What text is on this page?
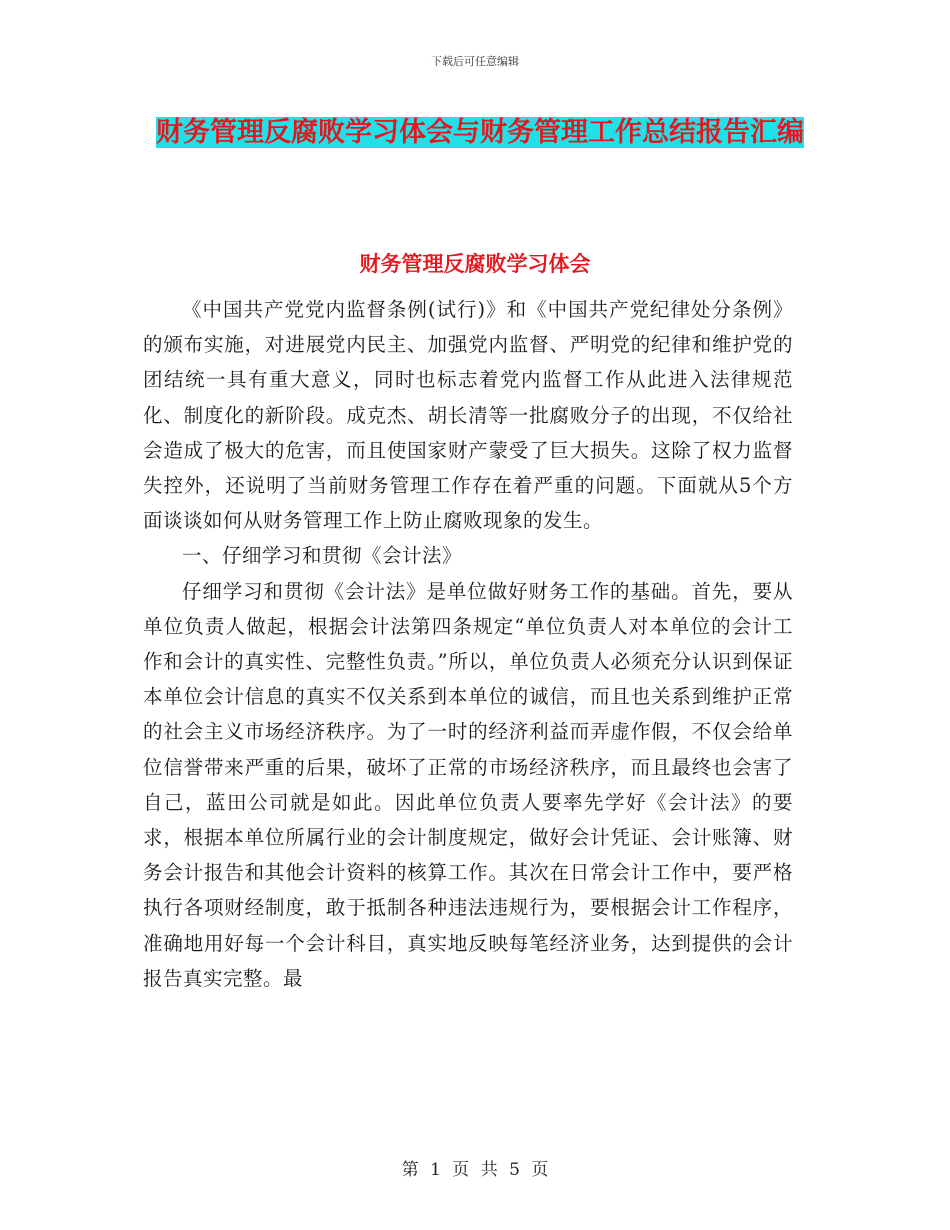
下载后可任意编辑
财务管理反腐败学习体会与财务管理工作总结报告汇编
财务管理反腐败学习体会

《中国共产党党内监督条例(试行)》和《中国共产党纪律处分条例》的颁布实施，对进展党内民主、加强党内监督、严明党的纪律和维护党的团结统一具有重大意义，同时也标志着党内监督工作从此进入法律规范化、制度化的新阶段。成克杰、胡长清等一批腐败分子的出现，不仅给社会造成了极大的危害，而且使国家财产蒙受了巨大损失。这除了权力监督失控外，还说明了当前财务管理工作存在着严重的问题。下面就从5个方面谈谈如何从财务管理工作上防止腐败现象的发生。

一、仔细学习和贯彻《会计法》

仔细学习和贯彻《会计法》是单位做好财务工作的基础。首先，要从单位负责人做起，根据会计法第四条规定“单位负责人对本单位的会计工作和会计的真实性、完整性负责。”所以，单位负责人必须充分认识到保证本单位会计信息的真实不仅关系到本单位的诚信，而且也关系到维护正常的社会主义市场经济秩序。为了一时的经济利益而弄虚作假，不仅会给单位信誉带来严重的后果，破坏了正常的市场经济秩序，而且最终也会害了自己，蓝田公司就是如此。因此单位负责人要率先学好《会计法》的要求，根据本单位所属行业的会计制度规定，做好会计凭证、会计账簿、财务会计报告和其他会计资料的核算工作。其次在日常会计工作中，要严格执行各项财经制度，敢于抵制各种违法违规行为，要根据会计工作程序，准确地用好每一个会计科目，真实地反映每笔经济业务，达到提供的会计报告真实完整。最

第 1 页 共 5 页
